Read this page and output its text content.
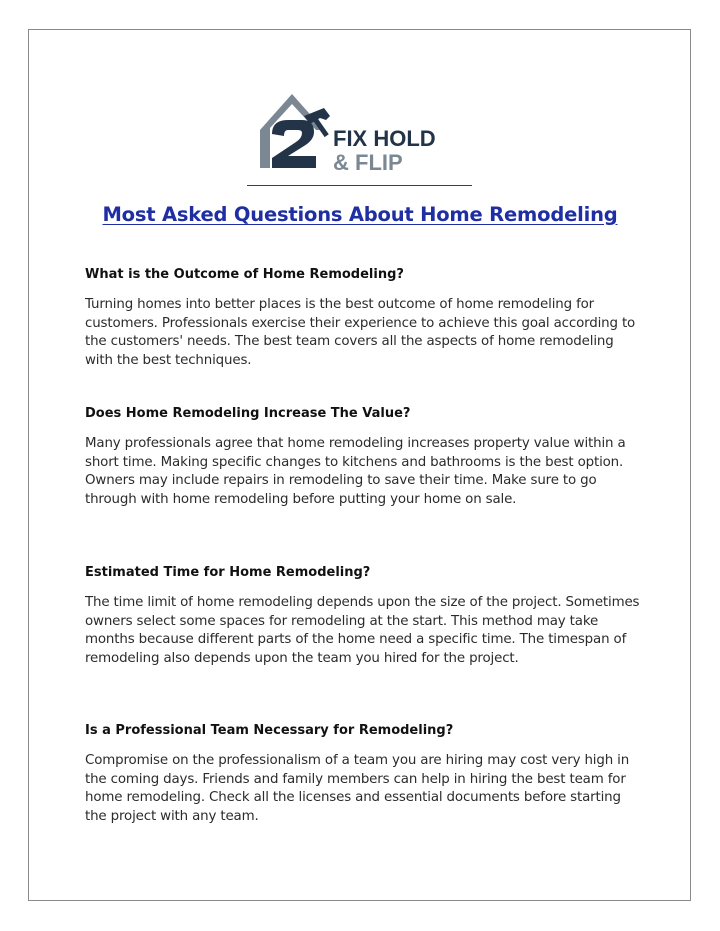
FIX HOLD
& FLIP
Most Asked Questions About Home Remodeling
What is the Outcome of Home Remodeling?

Turning homes into better places is the best outcome of home remodeling for customers. Professionals exercise their experience to achieve this goal according to the customers' needs. The best team covers all the aspects of home remodeling with the best techniques.

Does Home Remodeling Increase The Value?

Many professionals agree that home remodeling increases property value within a short time. Making specific changes to kitchens and bathrooms is the best option. Owners may include repairs in remodeling to save their time. Make sure to go through with home remodeling before putting your home on sale.

Estimated Time for Home Remodeling?

The time limit of home remodeling depends upon the size of the project. Sometimes owners select some spaces for remodeling at the start. This method may take months because different parts of the home need a specific time. The timespan of remodeling also depends upon the team you hired for the project.

Is a Professional Team Necessary for Remodeling?

Compromise on the professionalism of a team you are hiring may cost very high in the coming days. Friends and family members can help in hiring the best team for home remodeling. Check all the licenses and essential documents before starting the project with any team.
